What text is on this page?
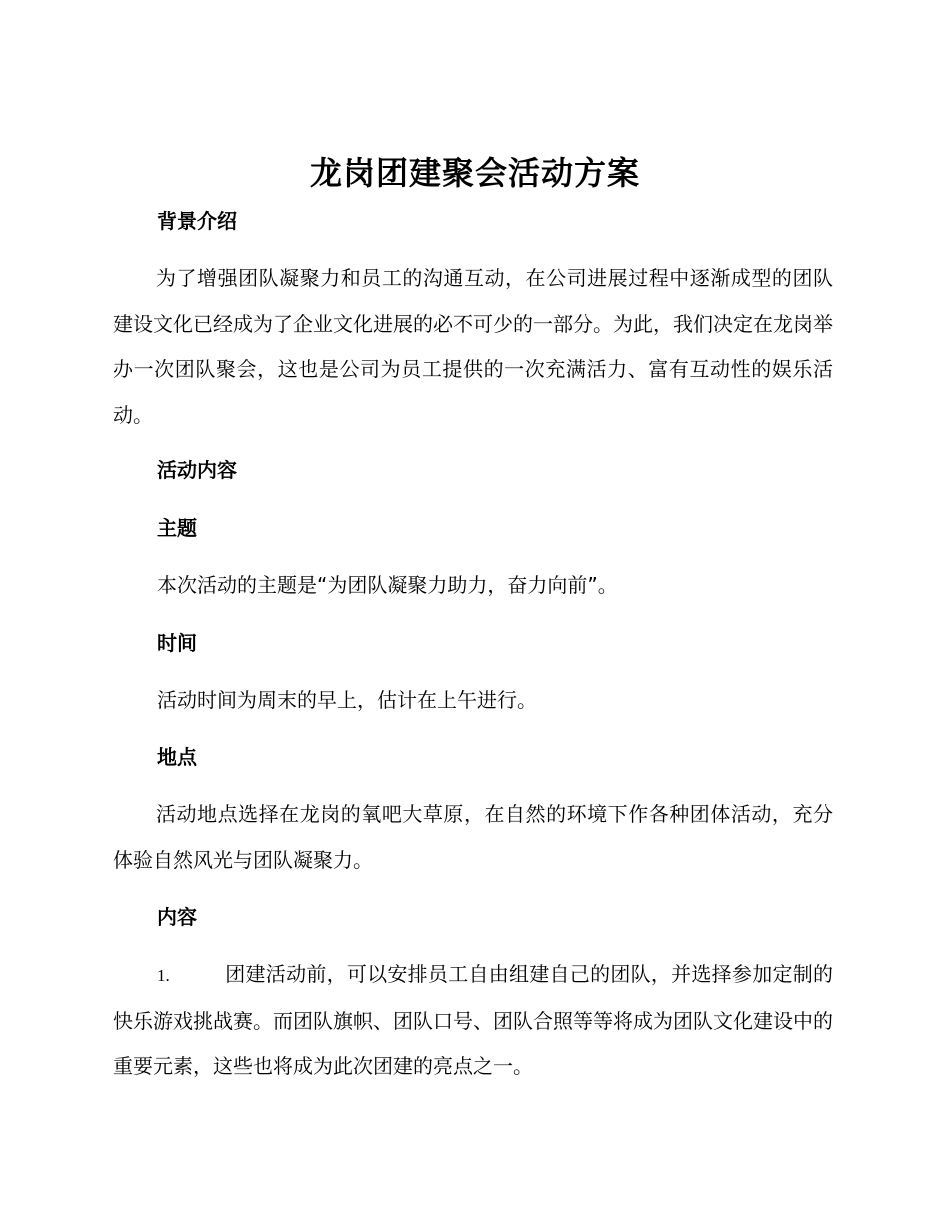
龙岗团建聚会活动方案
背景介绍

为了增强团队凝聚力和员工的沟通互动，在公司进展过程中逐渐成型的团队建设文化已经成为了企业文化进展的必不可少的一部分。为此，我们决定在龙岗举办一次团队聚会，这也是公司为员工提供的一次充满活力、富有互动性的娱乐活动。

活动内容
主题

本次活动的主题是“为团队凝聚力助力，奋力向前”。

时间

活动时间为周末的早上，估计在上午进行。

地点

活动地点选择在龙岗的氧吧大草原，在自然的环境下作各种团体活动，充分体验自然风光与团队凝聚力。

内容

1.	团建活动前，可以安排员工自由组建自己的团队，并选择参加定制的快乐游戏挑战赛。而团队旗帜、团队口号、团队合照等等将成为团队文化建设中的重要元素，这些也将成为此次团建的亮点之一。
